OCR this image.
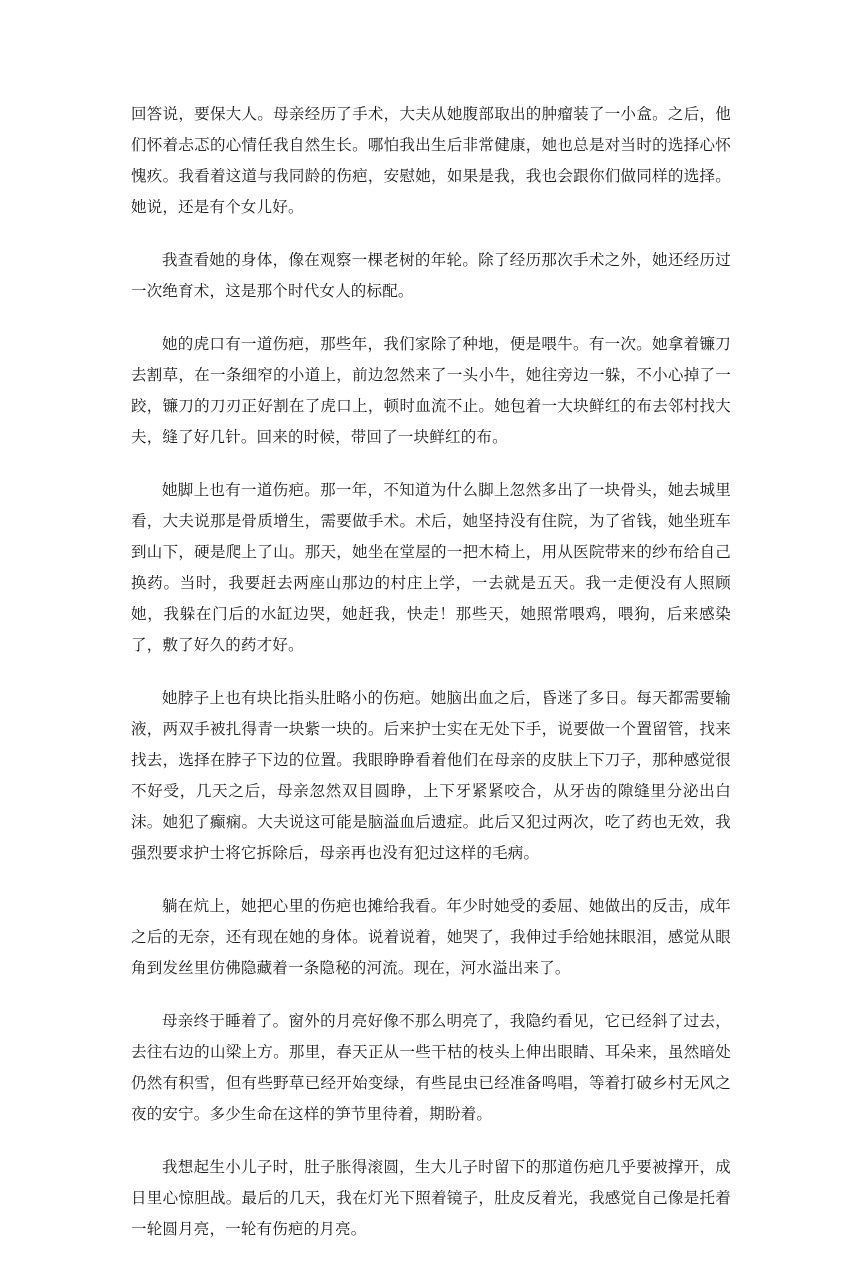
回答说，要保大人。母亲经历了手术，大夫从她腹部取出的肿瘤装了一小盒。之后，他们怀着忐忑的心情任我自然生长。哪怕我出生后非常健康，她也总是对当时的选择心怀愧疚。我看着这道与我同龄的伤疤，安慰她，如果是我，我也会跟你们做同样的选择。她说，还是有个女儿好。

我查看她的身体，像在观察一棵老树的年轮。除了经历那次手术之外，她还经历过一次绝育术，这是那个时代女人的标配。

她的虎口有一道伤疤，那些年，我们家除了种地，便是喂牛。有一次。她拿着镰刀去割草，在一条细窄的小道上，前边忽然来了一头小牛，她往旁边一躲，不小心掉了一跤，镰刀的刀刃正好割在了虎口上，顿时血流不止。她包着一大块鲜红的布去邻村找大夫，缝了好几针。回来的时候，带回了一块鲜红的布。

她脚上也有一道伤疤。那一年，不知道为什么脚上忽然多出了一块骨头，她去城里看，大夫说那是骨质增生，需要做手术。术后，她坚持没有住院，为了省钱，她坐班车到山下，硬是爬上了山。那天，她坐在堂屋的一把木椅上，用从医院带来的纱布给自己换药。当时，我要赶去两座山那边的村庄上学，一去就是五天。我一走便没有人照顾她，我躲在门后的水缸边哭，她赶我，快走！那些天，她照常喂鸡，喂狗，后来感染了，敷了好久的药才好。

她脖子上也有块比指头肚略小的伤疤。她脑出血之后，昏迷了多日。每天都需要输液，两双手被扎得青一块紫一块的。后来护士实在无处下手，说要做一个置留管，找来找去，选择在脖子下边的位置。我眼睁睁看着他们在母亲的皮肤上下刀子，那种感觉很不好受，几天之后，母亲忽然双目圆睁，上下牙紧紧咬合，从牙齿的隙缝里分泌出白沫。她犯了癫痫。大夫说这可能是脑溢血后遗症。此后又犯过两次，吃了药也无效，我强烈要求护士将它拆除后，母亲再也没有犯过这样的毛病。

躺在炕上，她把心里的伤疤也摊给我看。年少时她受的委屈、她做出的反击，成年之后的无奈，还有现在她的身体。说着说着，她哭了，我伸过手给她抹眼泪，感觉从眼角到发丝里仿佛隐藏着一条隐秘的河流。现在，河水溢出来了。

母亲终于睡着了。窗外的月亮好像不那么明亮了，我隐约看见，它已经斜了过去，去往右边的山梁上方。那里，春天正从一些干枯的枝头上伸出眼睛、耳朵来，虽然暗处仍然有积雪，但有些野草已经开始变绿，有些昆虫已经准备鸣唱，等着打破乡村无风之夜的安宁。多少生命在这样的笋节里待着，期盼着。

我想起生小儿子时，肚子胀得滚圆，生大儿子时留下的那道伤疤几乎要被撑开，成日里心惊胆战。最后的几天，我在灯光下照着镜子，肚皮反着光，我感觉自己像是托着一轮圆月亮，一轮有伤疤的月亮。
